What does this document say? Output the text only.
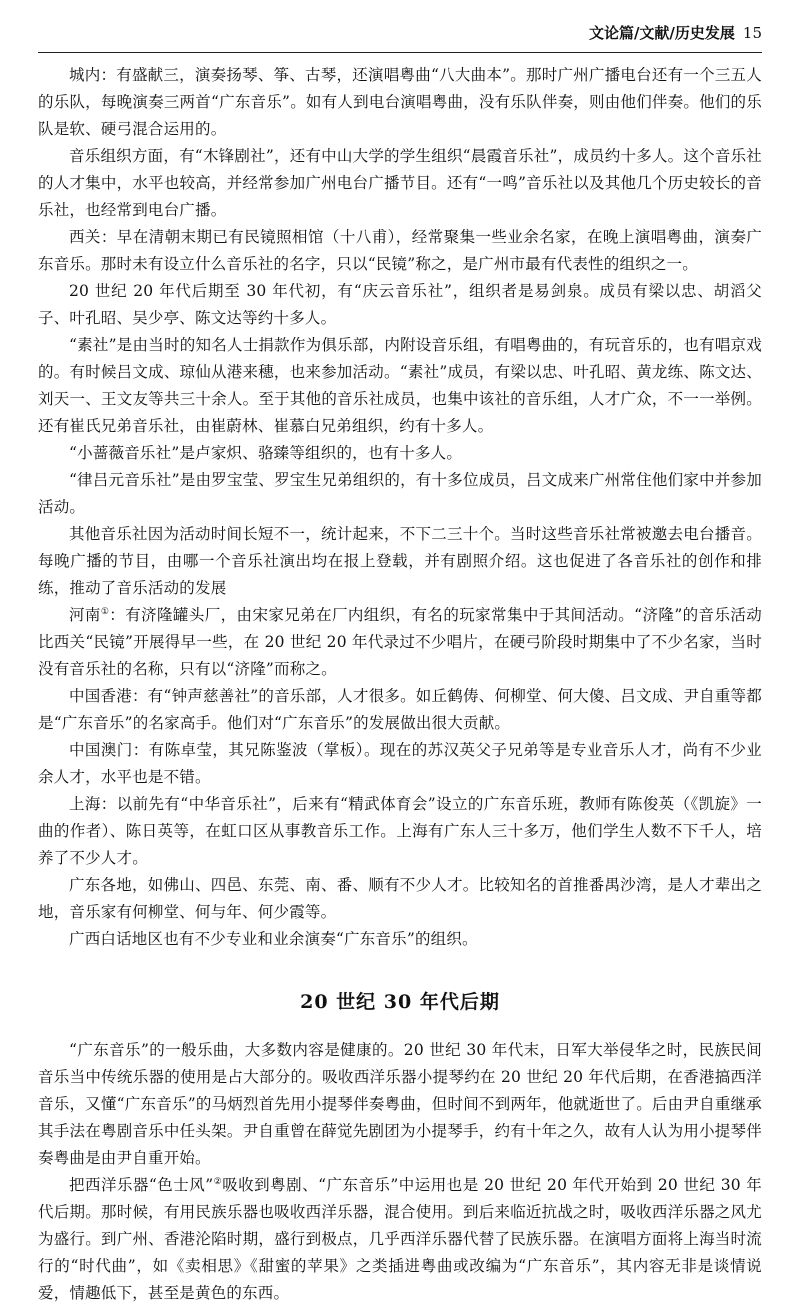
文论篇/文献/历史发展 15

城内：有盛献三，演奏扬琴、筝、古琴，还演唱粤曲“八大曲本”。那时广州广播电台还有一个三五人的乐队，每晚演奏三两首“广东音乐”。如有人到电台演唱粤曲，没有乐队伴奏，则由他们伴奏。他们的乐队是软、硬弓混合运用的。

音乐组织方面，有“木锋剧社”，还有中山大学的学生组织“晨霞音乐社”，成员约十多人。这个音乐社的人才集中，水平也较高，并经常参加广州电台广播节目。还有“一鸣”音乐社以及其他几个历史较长的音乐社，也经常到电台广播。

西关：早在清朝末期已有民镜照相馆（十八甫），经常聚集一些业余名家，在晚上演唱粤曲，演奏广东音乐。那时未有设立什么音乐社的名字，只以“民镜”称之，是广州市最有代表性的组织之一。

20 世纪 20 年代后期至 30 年代初，有“庆云音乐社”，组织者是易剑泉。成员有梁以忠、胡滔父子、叶孔昭、吴少亭、陈文达等约十多人。

“素社”是由当时的知名人士捐款作为俱乐部，内附设音乐组，有唱粤曲的，有玩音乐的，也有唱京戏的。有时候吕文成、琼仙从港来穗，也来参加活动。“素社”成员，有梁以忠、叶孔昭、黄龙练、陈文达、刘天一、王文友等共三十余人。至于其他的音乐社成员，也集中该社的音乐组，人才广众，不一一举例。还有崔氏兄弟音乐社，由崔蔚林、崔慕白兄弟组织，约有十多人。

“小蔷薇音乐社”是卢家炽、骆臻等组织的，也有十多人。

“律吕元音乐社”是由罗宝莹、罗宝生兄弟组织的，有十多位成员，吕文成来广州常住他们家中并参加活动。

其他音乐社因为活动时间长短不一，统计起来，不下二三十个。当时这些音乐社常被邀去电台播音。每晚广播的节目，由哪一个音乐社演出均在报上登载，并有剧照介绍。这也促进了各音乐社的创作和排练，推动了音乐活动的发展

河南①：有济隆罐头厂，由宋家兄弟在厂内组织，有名的玩家常集中于其间活动。“济隆”的音乐活动比西关“民镜”开展得早一些，在 20 世纪 20 年代录过不少唱片，在硬弓阶段时期集中了不少名家，当时没有音乐社的名称，只有以“济隆”而称之。

中国香港：有“钟声慈善社”的音乐部，人才很多。如丘鹤俦、何柳堂、何大傻、吕文成、尹自重等都是“广东音乐”的名家高手。他们对“广东音乐”的发展做出很大贡献。

中国澳门：有陈卓莹，其兄陈鉴波（掌板）。现在的苏汉英父子兄弟等是专业音乐人才，尚有不少业余人才，水平也是不错。

上海：以前先有“中华音乐社”，后来有“精武体育会”设立的广东音乐班，教师有陈俊英（《凯旋》一曲的作者）、陈日英等，在虹口区从事教音乐工作。上海有广东人三十多万，他们学生人数不下千人，培养了不少人才。

广东各地，如佛山、四邑、东莞、南、番、顺有不少人才。比较知名的首推番禺沙湾，是人才辈出之地，音乐家有何柳堂、何与年、何少霞等。

广西白话地区也有不少专业和业余演奏“广东音乐”的组织。

20 世纪 30 年代后期

“广东音乐”的一般乐曲，大多数内容是健康的。20 世纪 30 年代末，日军大举侵华之时，民族民间音乐当中传统乐器的使用是占大部分的。吸收西洋乐器小提琴约在 20 世纪 20 年代后期，在香港搞西洋音乐，又懂“广东音乐”的马炳烈首先用小提琴伴奏粤曲，但时间不到两年，他就逝世了。后由尹自重继承其手法在粤剧音乐中任头架。尹自重曾在薛觉先剧团为小提琴手，约有十年之久，故有人认为用小提琴伴奏粤曲是由尹自重开始。

把西洋乐器“色士风”②吸收到粤剧、“广东音乐”中运用也是 20 世纪 20 年代开始到 20 世纪 30 年代后期。那时候，有用民族乐器也吸收西洋乐器，混合使用。到后来临近抗战之时，吸收西洋乐器之风尤为盛行。到广州、香港沦陷时期，盛行到极点，几乎西洋乐器代替了民族乐器。在演唱方面将上海当时流行的“时代曲”，如《卖相思》《甜蜜的苹果》之类插进粤曲或改编为“广东音乐”，其内容无非是谈情说爱，情趣低下，甚至是黄色的东西。
